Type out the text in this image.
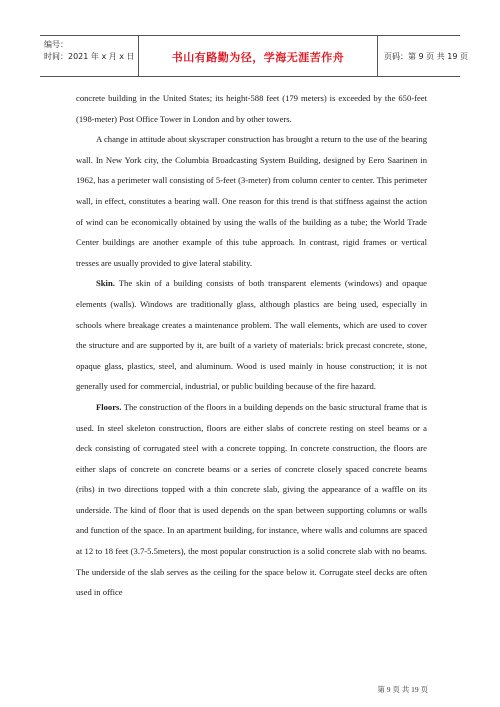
编号：
时间：2021 年 x 月 x 日	书山有路勤为径，学海无涯苦作舟	页码：第 9 页 共 19 页

concrete building in the United States; its height-588 feet (179 meters) is exceeded by the 650-feet (198-meter) Post Office Tower in London and by other towers.

A change in attitude about skyscraper construction has brought a return to the use of the bearing wall. In New York city, the Columbia Broadcasting System Building, designed by Eero Saarinen in 1962, has a perimeter wall consisting of 5-feet (3-meter) from column center to center. This perimeter wall, in effect, constitutes a bearing wall. One reason for this trend is that stiffness against the action of wind can be economically obtained by using the walls of the building as a tube; the World Trade Center buildings are another example of this tube approach. In contrast, rigid frames or vertical tresses are usually provided to give lateral stability.

Skin. The skin of a building consists of both transparent elements (windows) and opaque elements (walls). Windows are traditionally glass, although plastics are being used, especially in schools where breakage creates a maintenance problem. The wall elements, which are used to cover the structure and are supported by it, are built of a variety of materials: brick precast concrete, stone, opaque glass, plastics, steel, and aluminum. Wood is used mainly in house construction; it is not generally used for commercial, industrial, or public building because of the fire hazard.

Floors. The construction of the floors in a building depends on the basic structural frame that is used. In steel skeleton construction, floors are either slabs of concrete resting on steel beams or a deck consisting of corrugated steel with a concrete topping. In concrete construction, the floors are either slaps of concrete on concrete beams or a series of concrete closely spaced concrete beams (ribs) in two directions topped with a thin concrete slab, giving the appearance of a waffle on its underside. The kind of floor that is used depends on the span between supporting columns or walls and function of the space. In an apartment building, for instance, where walls and columns are spaced at 12 to 18 feet (3.7-5.5meters), the most popular construction is a solid concrete slab with no beams. The underside of the slab serves as the ceiling for the space below it. Corrugate steel decks are often used in office

第 9 页 共 19 页
